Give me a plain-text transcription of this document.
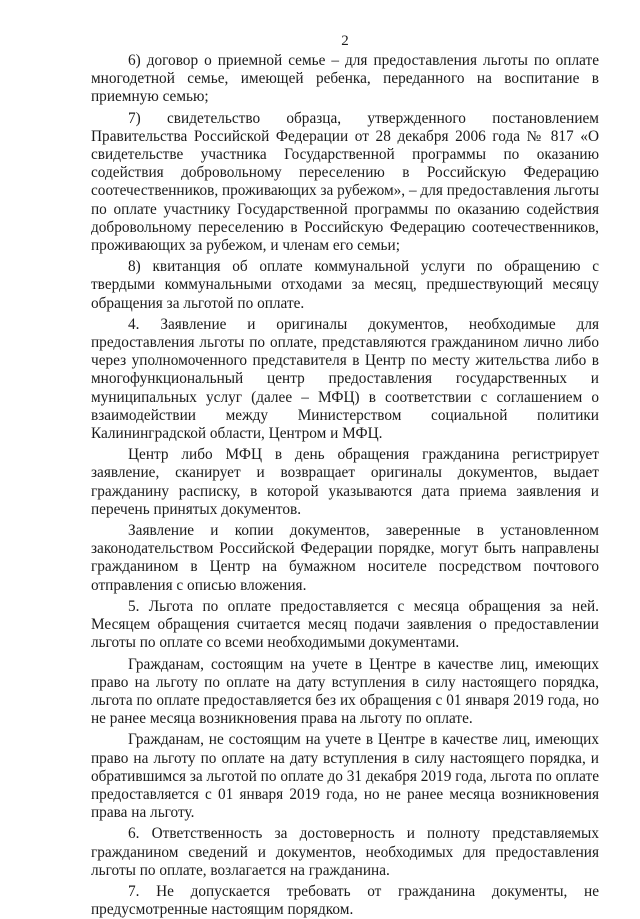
2

6) договор о приемной семье – для предоставления льготы по оплате многодетной семье, имеющей ребенка, переданного на воспитание в приемную семью;

7) свидетельство образца, утвержденного постановлением Правительства Российской Федерации от 28 декабря 2006 года № 817 «О свидетельстве участника Государственной программы по оказанию содействия добровольному переселению в Российскую Федерацию соотечественников, проживающих за рубежом», – для предоставления льготы по оплате участнику Государственной программы по оказанию содействия добровольному переселению в Российскую Федерацию соотечественников, проживающих за рубежом, и членам его семьи;

8) квитанция об оплате коммунальной услуги по обращению с твердыми коммунальными отходами за месяц, предшествующий месяцу обращения за льготой по оплате.

4. Заявление и оригиналы документов, необходимые для предоставления льготы по оплате, представляются гражданином лично либо через уполномоченного представителя в Центр по месту жительства либо в многофункциональный центр предоставления государственных и муниципальных услуг (далее – МФЦ) в соответствии с соглашением о взаимодействии между Министерством социальной политики Калининградской области, Центром и МФЦ.

Центр либо МФЦ в день обращения гражданина регистрирует заявление, сканирует и возвращает оригиналы документов, выдает гражданину расписку, в которой указываются дата приема заявления и перечень принятых документов.

Заявление и копии документов, заверенные в установленном законодательством Российской Федерации порядке, могут быть направлены гражданином в Центр на бумажном носителе посредством почтового отправления с описью вложения.

5. Льгота по оплате предоставляется с месяца обращения за ней. Месяцем обращения считается месяц подачи заявления о предоставлении льготы по оплате со всеми необходимыми документами.

Гражданам, состоящим на учете в Центре в качестве лиц, имеющих право на льготу по оплате на дату вступления в силу настоящего порядка, льгота по оплате предоставляется без их обращения с 01 января 2019 года, но не ранее месяца возникновения права на льготу по оплате.

Гражданам, не состоящим на учете в Центре в качестве лиц, имеющих право на льготу по оплате на дату вступления в силу настоящего порядка, и обратившимся за льготой по оплате до 31 декабря 2019 года, льгота по оплате предоставляется с 01 января 2019 года, но не ранее месяца возникновения права на льготу.

6. Ответственность за достоверность и полноту представляемых гражданином сведений и документов, необходимых для предоставления льготы по оплате, возлагается на гражданина.

7. Не допускается требовать от гражданина документы, не предусмотренные настоящим порядком.
